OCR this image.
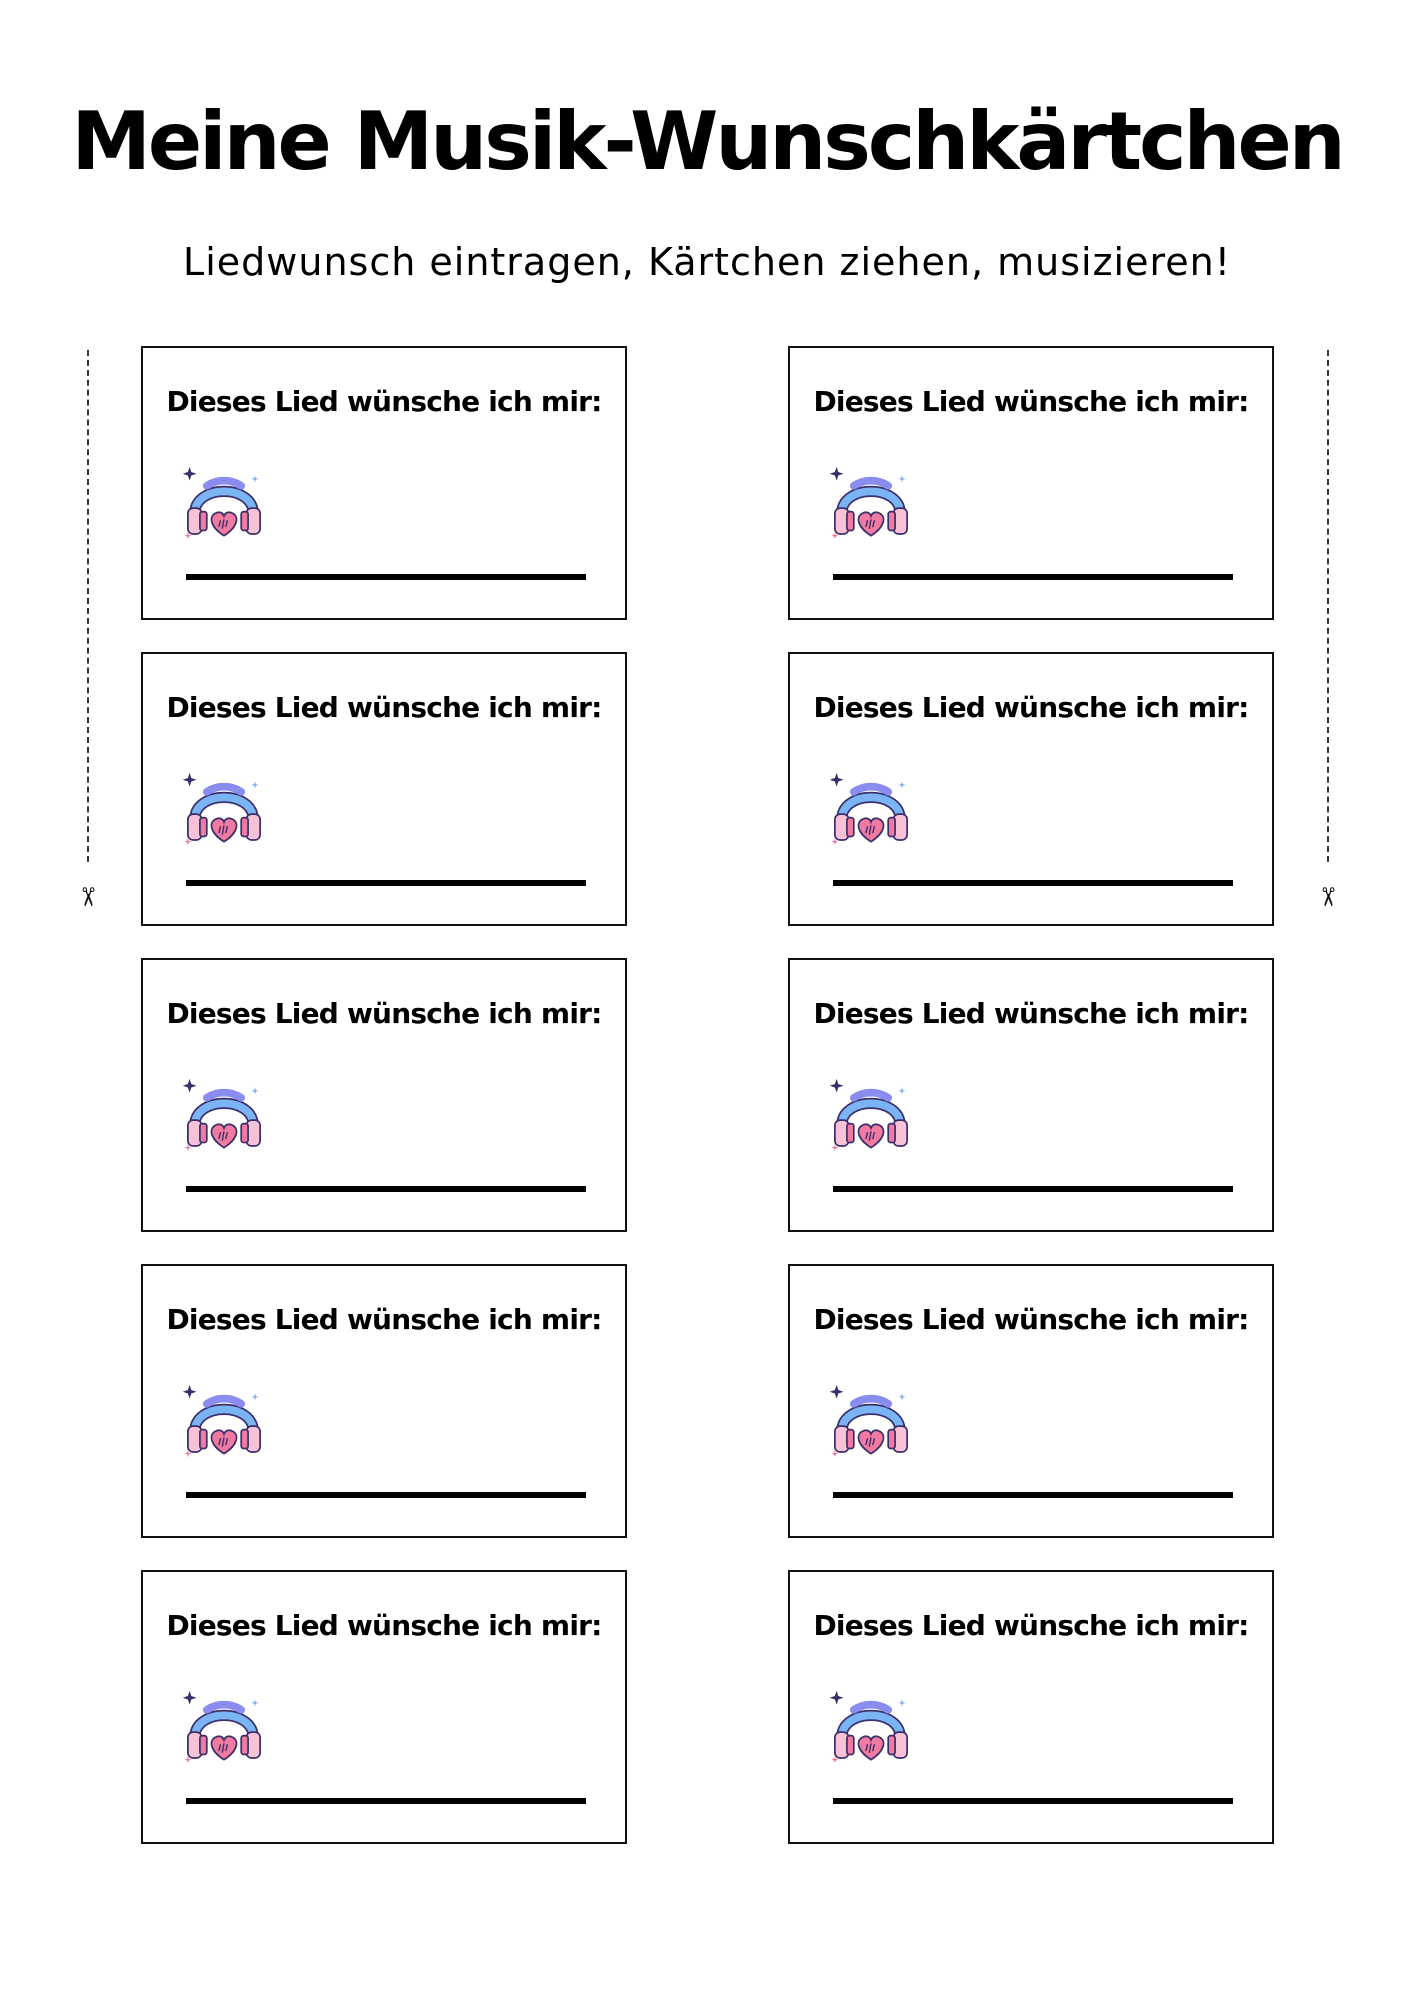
Meine Musik-Wunschkärtchen
Liedwunsch eintragen, Kärtchen ziehen, musizieren!
✂	✂
Dieses Lied wünsche ich mir:	Dieses Lied wünsche ich mir:
Dieses Lied wünsche ich mir:	Dieses Lied wünsche ich mir:
Dieses Lied wünsche ich mir:	Dieses Lied wünsche ich mir:
Dieses Lied wünsche ich mir:	Dieses Lied wünsche ich mir:
Dieses Lied wünsche ich mir:	Dieses Lied wünsche ich mir:
